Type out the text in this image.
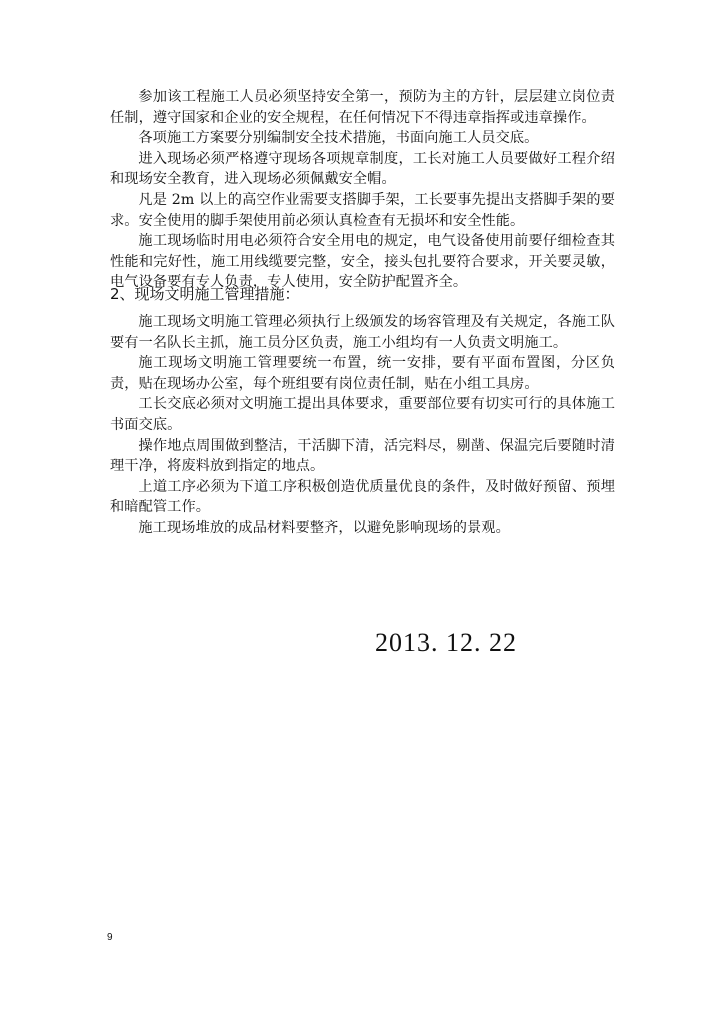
参加该工程施工人员必须坚持安全第一，预防为主的方针，层层建立岗位责任制，遵守国家和企业的安全规程，在任何情况下不得违章指挥或违章操作。

各项施工方案要分别编制安全技术措施，书面向施工人员交底。

进入现场必须严格遵守现场各项规章制度，工长对施工人员要做好工程介绍和现场安全教育，进入现场必须佩戴安全帽。

凡是 2m 以上的高空作业需要支搭脚手架，工长要事先提出支搭脚手架的要求。安全使用的脚手架使用前必须认真检查有无损坏和安全性能。

施工现场临时用电必须符合安全用电的规定，电气设备使用前要仔细检查其性能和完好性，施工用线缆要完整，安全，接头包扎要符合要求，开关要灵敏，电气设备要有专人负责，专人使用，安全防护配置齐全。

2、现场文明施工管理措施：

施工现场文明施工管理必须执行上级颁发的场容管理及有关规定，各施工队要有一名队长主抓，施工员分区负责，施工小组均有一人负责文明施工。

施工现场文明施工管理要统一布置，统一安排，要有平面布置图，分区负责，贴在现场办公室，每个班组要有岗位责任制，贴在小组工具房。

工长交底必须对文明施工提出具体要求，重要部位要有切实可行的具体施工书面交底。

操作地点周围做到整洁，干活脚下清，活完料尽，剔凿、保温完后要随时清理干净，将废料放到指定的地点。

上道工序必须为下道工序积极创造优质量优良的条件，及时做好预留、预埋和暗配管工作。

施工现场堆放的成品材料要整齐，以避免影响现场的景观。

2013. 12. 22
9
